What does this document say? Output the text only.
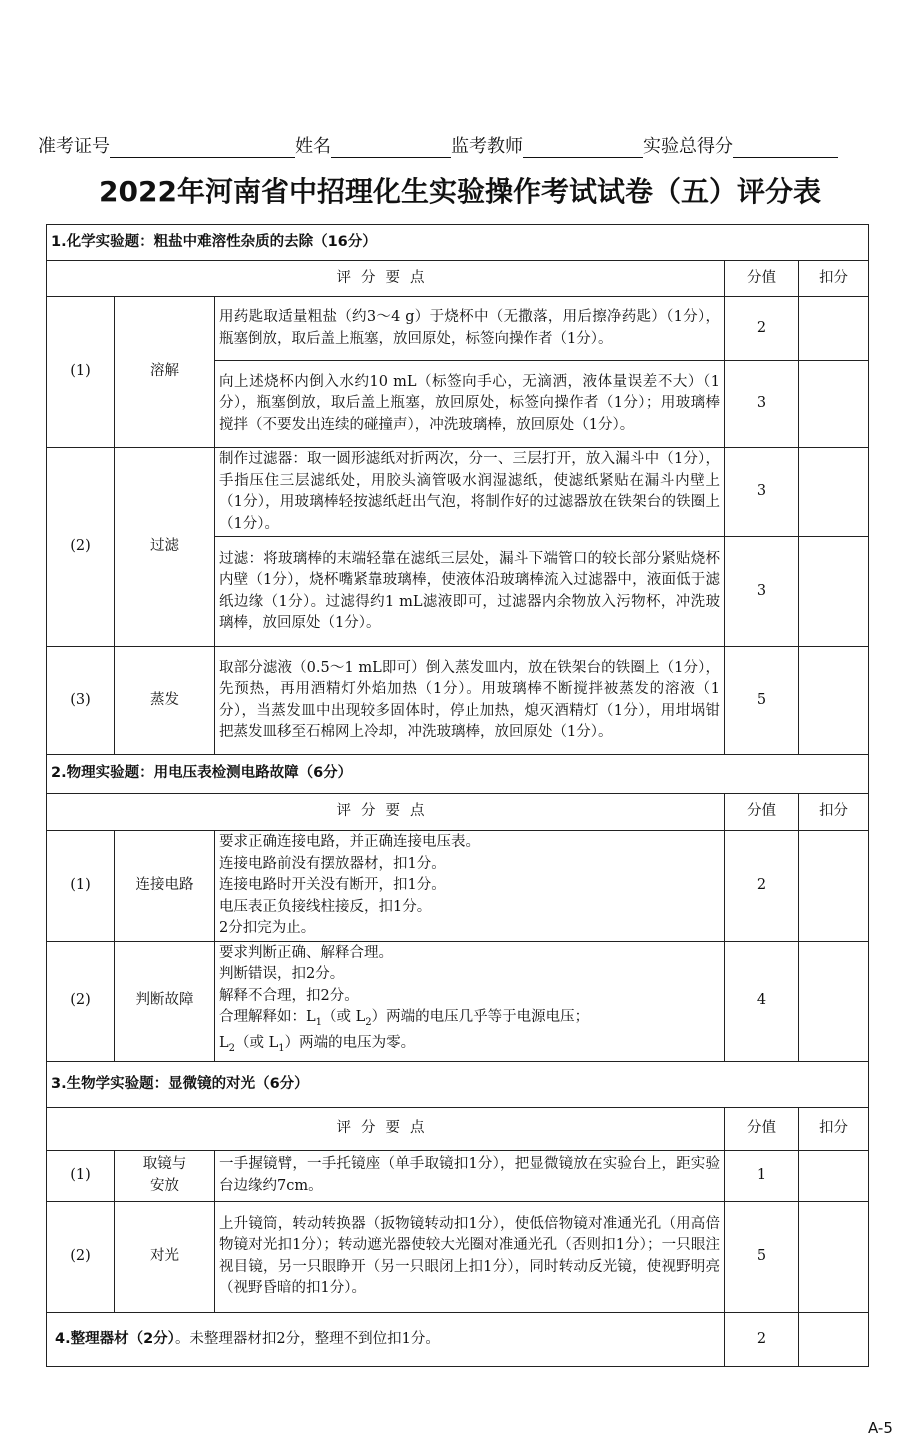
准考证号	姓名	监考教师	实验总得分
2022年河南省中招理化生实验操作考试试卷（五）评分表
1.化学实验题：粗盐中难溶性杂质的去除（16分）				
评分要点			分值	扣分
(1)	溶解	用药匙取适量粗盐（约3～4 g）于烧杯中（无撒落，用后擦净药匙）（1分），瓶塞倒放，取后盖上瓶塞，放回原处，标签向操作者（1分）。	2	
		向上述烧杯内倒入水约10 mL（标签向手心，无滴洒，液体量误差不大）（1分），瓶塞倒放，取后盖上瓶塞，放回原处，标签向操作者（1分）；用玻璃棒搅拌（不要发出连续的碰撞声），冲洗玻璃棒，放回原处（1分）。	3	
(2)	过滤	制作过滤器：取一圆形滤纸对折两次，分一、三层打开，放入漏斗中（1分），手指压住三层滤纸处，用胶头滴管吸水润湿滤纸，使滤纸紧贴在漏斗内壁上（1分），用玻璃棒轻按滤纸赶出气泡，将制作好的过滤器放在铁架台的铁圈上（1分）。	3	
		过滤：将玻璃棒的末端轻靠在滤纸三层处，漏斗下端管口的较长部分紧贴烧杯内壁（1分），烧杯嘴紧靠玻璃棒，使液体沿玻璃棒流入过滤器中，液面低于滤纸边缘（1分）。过滤得约1 mL滤液即可，过滤器内余物放入污物杯，冲洗玻璃棒，放回原处（1分）。	3	
(3)	蒸发	取部分滤液（0.5～1 mL即可）倒入蒸发皿内，放在铁架台的铁圈上（1分），先预热，再用酒精灯外焰加热（1分）。用玻璃棒不断搅拌被蒸发的溶液（1分），当蒸发皿中出现较多固体时，停止加热，熄灭酒精灯（1分），用坩埚钳把蒸发皿移至石棉网上冷却，冲洗玻璃棒，放回原处（1分）。	5	
2.物理实验题：用电压表检测电路故障（6分）				
评分要点			分值	扣分
(1)	连接电路	要求正确连接电路，并正确连接电压表。
连接电路前没有摆放器材，扣1分。
连接电路时开关没有断开，扣1分。
电压表正负接线柱接反，扣1分。
2分扣完为止。	2	
(2)	判断故障	要求判断正确、解释合理。
判断错误，扣2分。
解释不合理，扣2分。
合理解释如：$L_1$（或 $L_2$）两端的电压几乎等于电源电压；
$L_2$（或 $L_1$）两端的电压为零。	4	
3.生物学实验题：显微镜的对光（6分）				
评分要点			分值	扣分
(1)	取镜与
安放	一手握镜臂，一手托镜座（单手取镜扣1分），把显微镜放在实验台上，距实验台边缘约7cm。	1	
(2)	对光	上升镜筒，转动转换器（扳物镜转动扣1分），使低倍物镜对准通光孔（用高倍物镜对光扣1分）；转动遮光器使较大光圈对准通光孔（否则扣1分）；一只眼注视目镜，另一只眼睁开（另一只眼闭上扣1分），同时转动反光镜，使视野明亮（视野昏暗的扣1分）。	5	
4.整理器材（2分）。未整理器材扣2分，整理不到位扣1分。			2	
A-5
